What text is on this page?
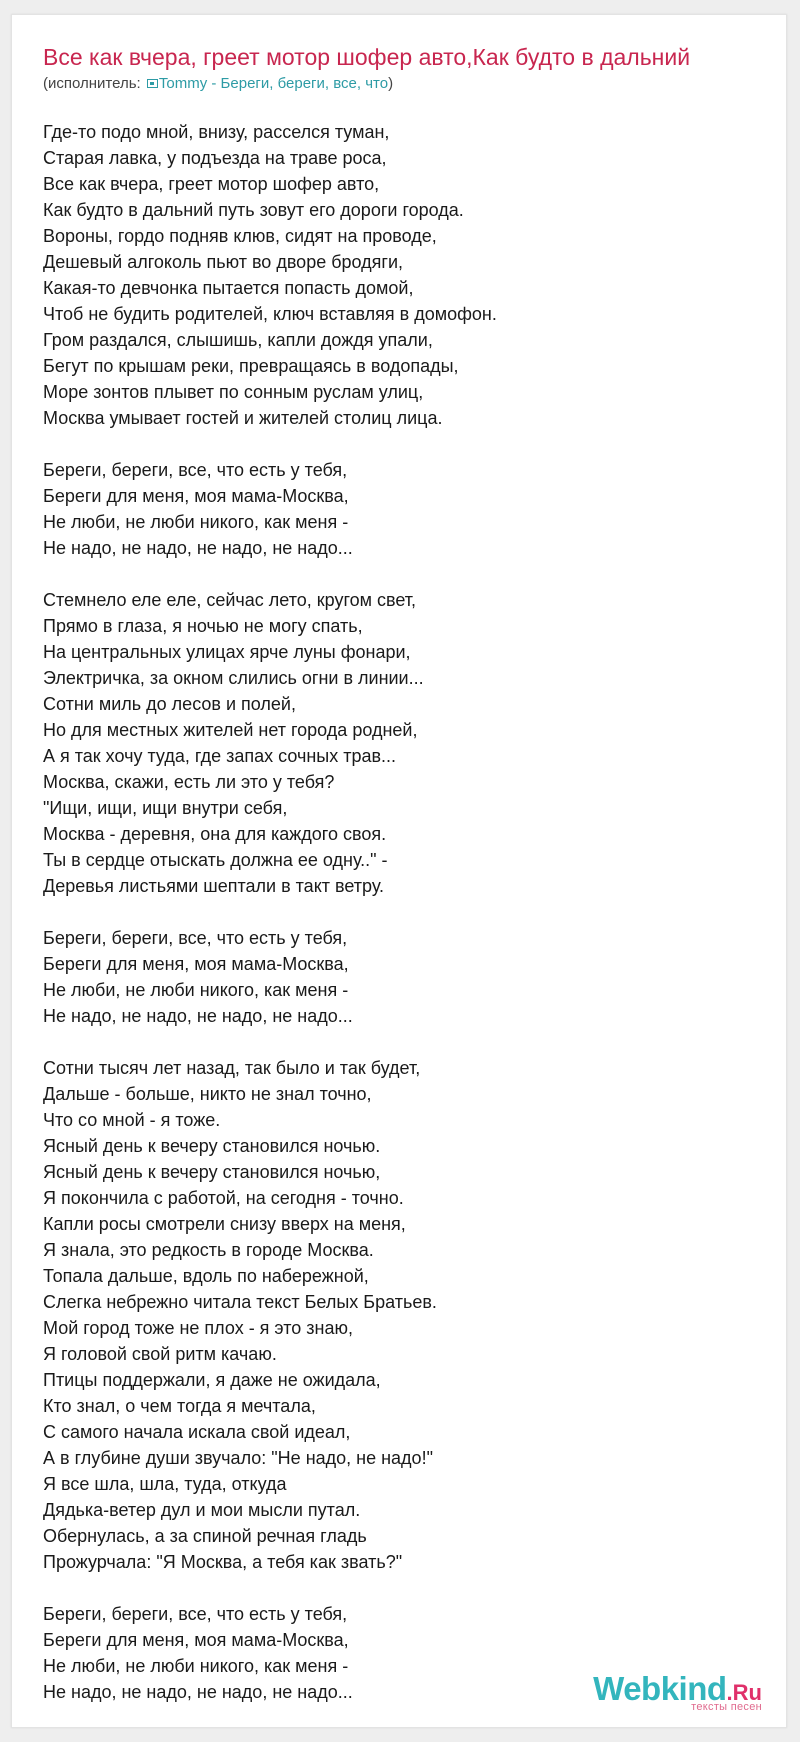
Все как вчера, греет мотор шофер авто,Как будто в дальний
(исполнитель: Tommy - Береги, береги, все, что)
Где-то подо мной, внизу, расселся туман,
Старая лавка, у подъезда на траве роса,
Все как вчера, греет мотор шофер авто,
Как будто в дальний путь зовут его дороги города.
Вороны, гордо подняв клюв, сидят на проводе,
Дешевый алгоколь пьют во дворе бродяги,
Какая-то девчонка пытается попасть домой,
Чтоб не будить родителей, ключ вставляя в домофон.
Гром раздался, слышишь, капли дождя упали,
Бегут по крышам реки, превращаясь в водопады,
Море зонтов плывет по сонным руслам улиц,
Москва умывает гостей и жителей столиц лица.
Береги, береги, все, что есть у тебя,
Береги для меня, моя мама-Москва,
Не люби, не люби никого, как меня -
Не надо, не надо, не надо, не надо...
Стемнело еле еле, сейчас лето, кругом свет,
Прямо в глаза, я ночью не могу спать,
На центральных улицах ярче луны фонари,
Электричка, за окном слились огни в линии...
Сотни миль до лесов и полей,
Но для местных жителей нет города родней,
А я так хочу туда, где запах сочных трав...
Москва, скажи, есть ли это у тебя?
"Ищи, ищи, ищи внутри себя,
Москва - деревня, она для каждого своя.
Ты в сердце отыскать должна ее одну.." -
Деревья листьями шептали в такт ветру.
Береги, береги, все, что есть у тебя,
Береги для меня, моя мама-Москва,
Не люби, не люби никого, как меня -
Не надо, не надо, не надо, не надо...
Сотни тысяч лет назад, так было и так будет,
Дальше - больше, никто не знал точно,
Что со мной - я тоже.
Ясный день к вечеру становился ночью.
Ясный день к вечеру становился ночью,
Я покончила с работой, на сегодня - точно.
Капли росы смотрели снизу вверх на меня,
Я знала, это редкость в городе Москва.
Топала дальше, вдоль по набережной,
Слегка небрежно читала текст Белых Братьев.
Мой город тоже не плох - я это знаю,
Я головой свой ритм качаю.
Птицы поддержали, я даже не ожидала,
Кто знал, о чем тогда я мечтала,
С самого начала искала свой идеал,
А в глубине души звучало: "Не надо, не надо!"
Я все шла, шла, туда, откуда
Дядька-ветер дул и мои мысли путал.
Обернулась, а за спиной речная гладь
Прожурчала: "Я Москва, а тебя как звать?"
Береги, береги, все, что есть у тебя,
Береги для меня, моя мама-Москва,
Не люби, не люби никого, как меня -
Не надо, не надо, не надо, не надо...	Webkind.Ru
тексты песен
